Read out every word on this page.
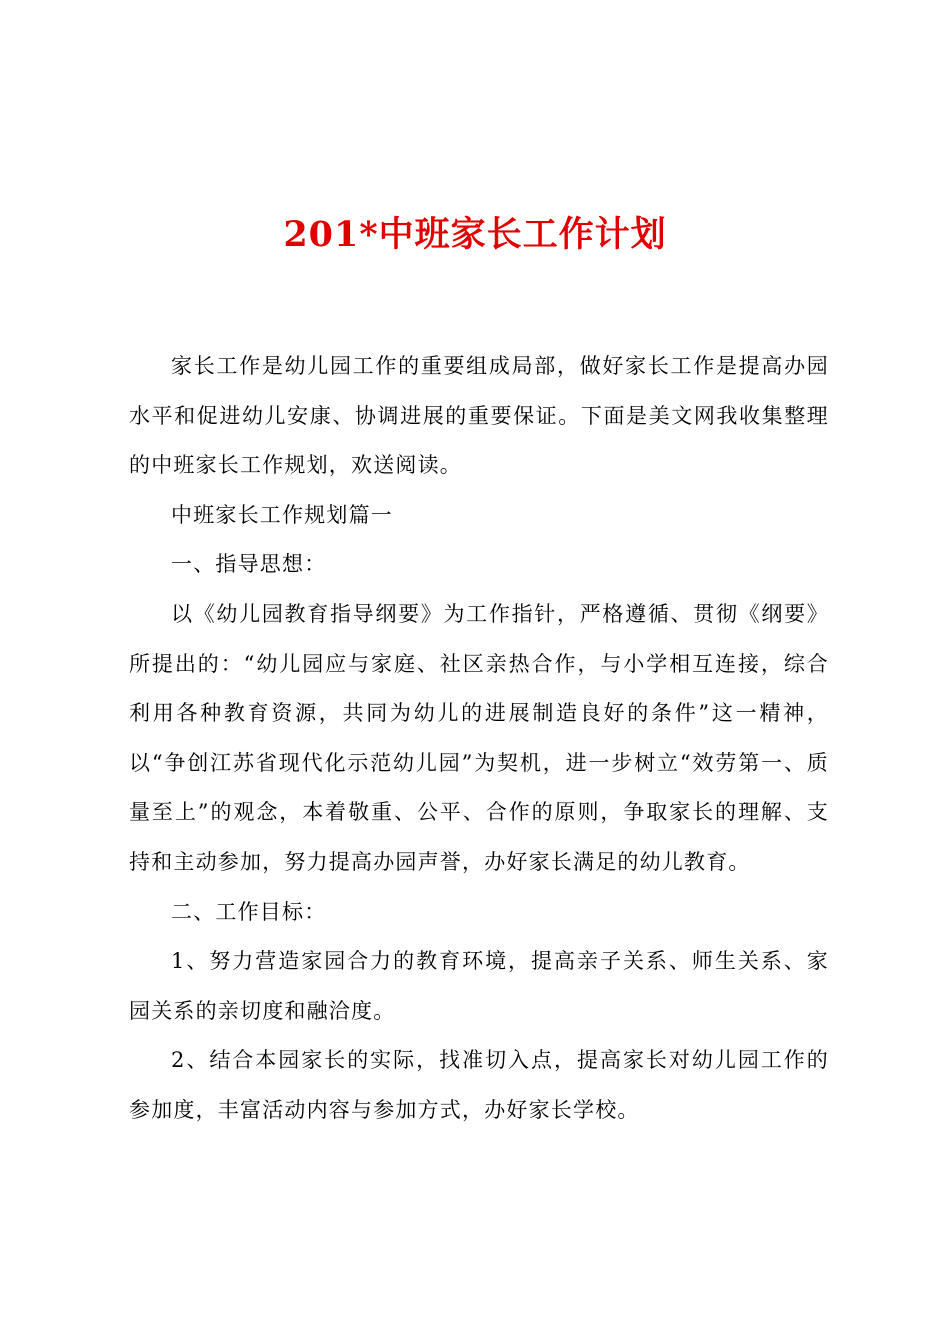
201*中班家长工作计划

家长工作是幼儿园工作的重要组成局部，做好家长工作是提高办园水平和促进幼儿安康、协调进展的重要保证。下面是美文网我收集整理的中班家长工作规划，欢送阅读。

中班家长工作规划篇一

一、指导思想：

以《幼儿园教育指导纲要》为工作指针，严格遵循、贯彻《纲要》所提出的：“幼儿园应与家庭、社区亲热合作，与小学相互连接，综合利用各种教育资源，共同为幼儿的进展制造良好的条件”这一精神，以“争创江苏省现代化示范幼儿园”为契机，进一步树立“效劳第一、质量至上”的观念，本着敬重、公平、合作的原则，争取家长的理解、支持和主动参加，努力提高办园声誉，办好家长满足的幼儿教育。

二、工作目标：

1、努力营造家园合力的教育环境，提高亲子关系、师生关系、家园关系的亲切度和融洽度。

2、结合本园家长的实际，找准切入点，提高家长对幼儿园工作的参加度，丰富活动内容与参加方式，办好家长学校。
